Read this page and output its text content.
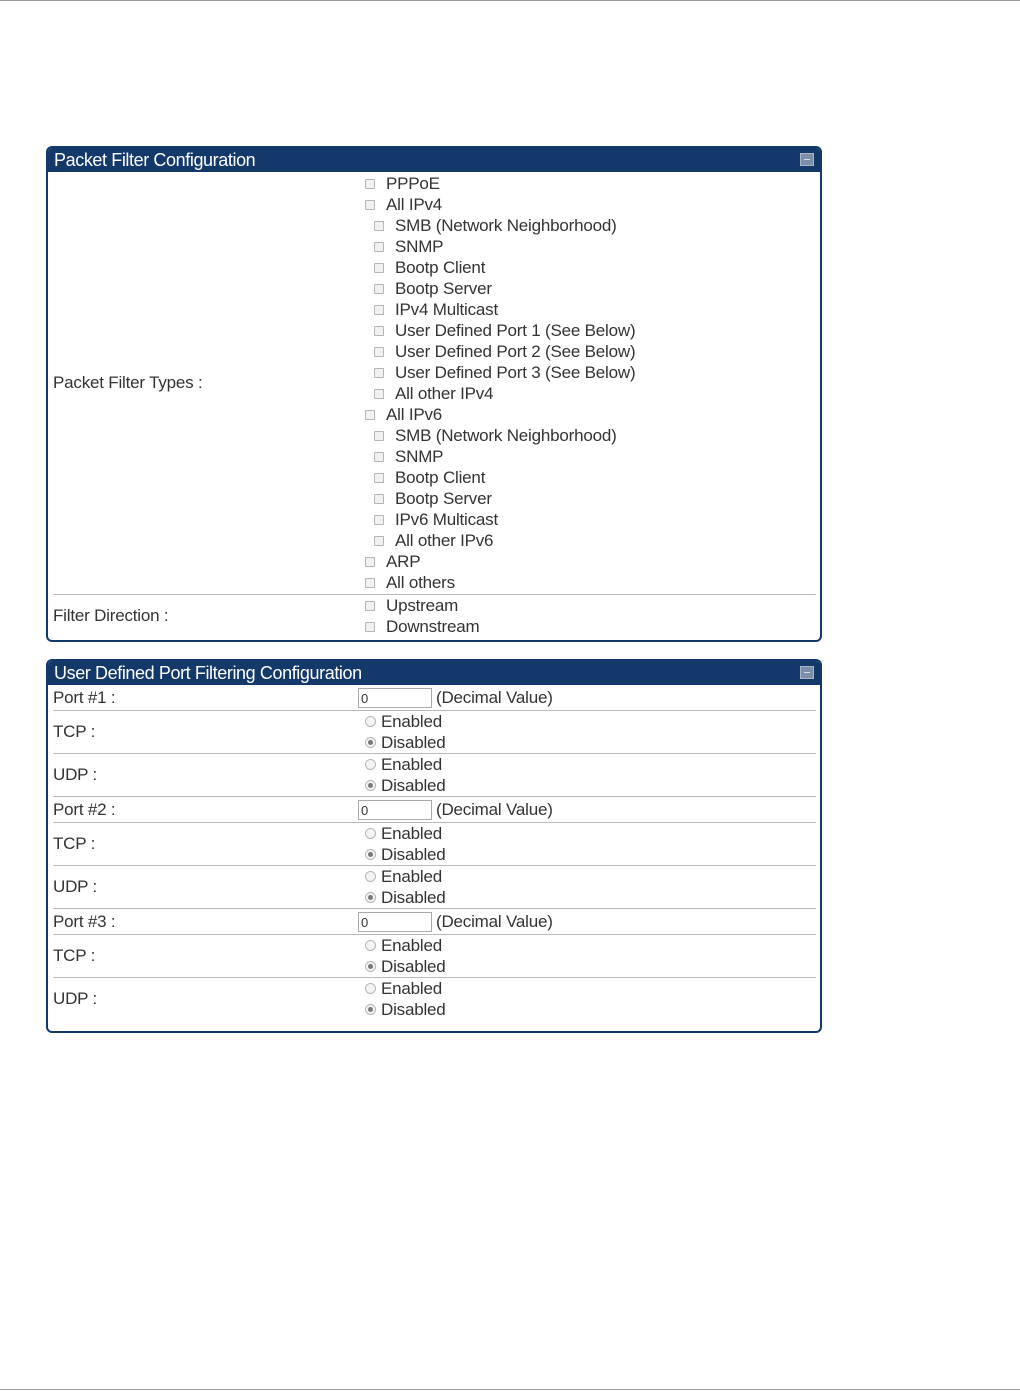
Packet Filter Configuration
Packet Filter Types :
PPPoE
All IPv4
SMB (Network Neighborhood)
SNMP
Bootp Client
Bootp Server
IPv4 Multicast
User Defined Port 1 (See Below)
User Defined Port 2 (See Below)
User Defined Port 3 (See Below)
All other IPv4
All IPv6
SMB (Network Neighborhood)
SNMP
Bootp Client
Bootp Server
IPv6 Multicast
All other IPv6
ARP
All others
Filter Direction :
Upstream
Downstream
User Defined Port Filtering Configuration
Port #1 :
0	(Decimal Value)
TCP :
Enabled
Disabled
UDP :
Enabled
Disabled
Port #2 :
0	(Decimal Value)
TCP :
Enabled
Disabled
UDP :
Enabled
Disabled
Port #3 :
0	(Decimal Value)
TCP :
Enabled
Disabled
UDP :
Enabled
Disabled
